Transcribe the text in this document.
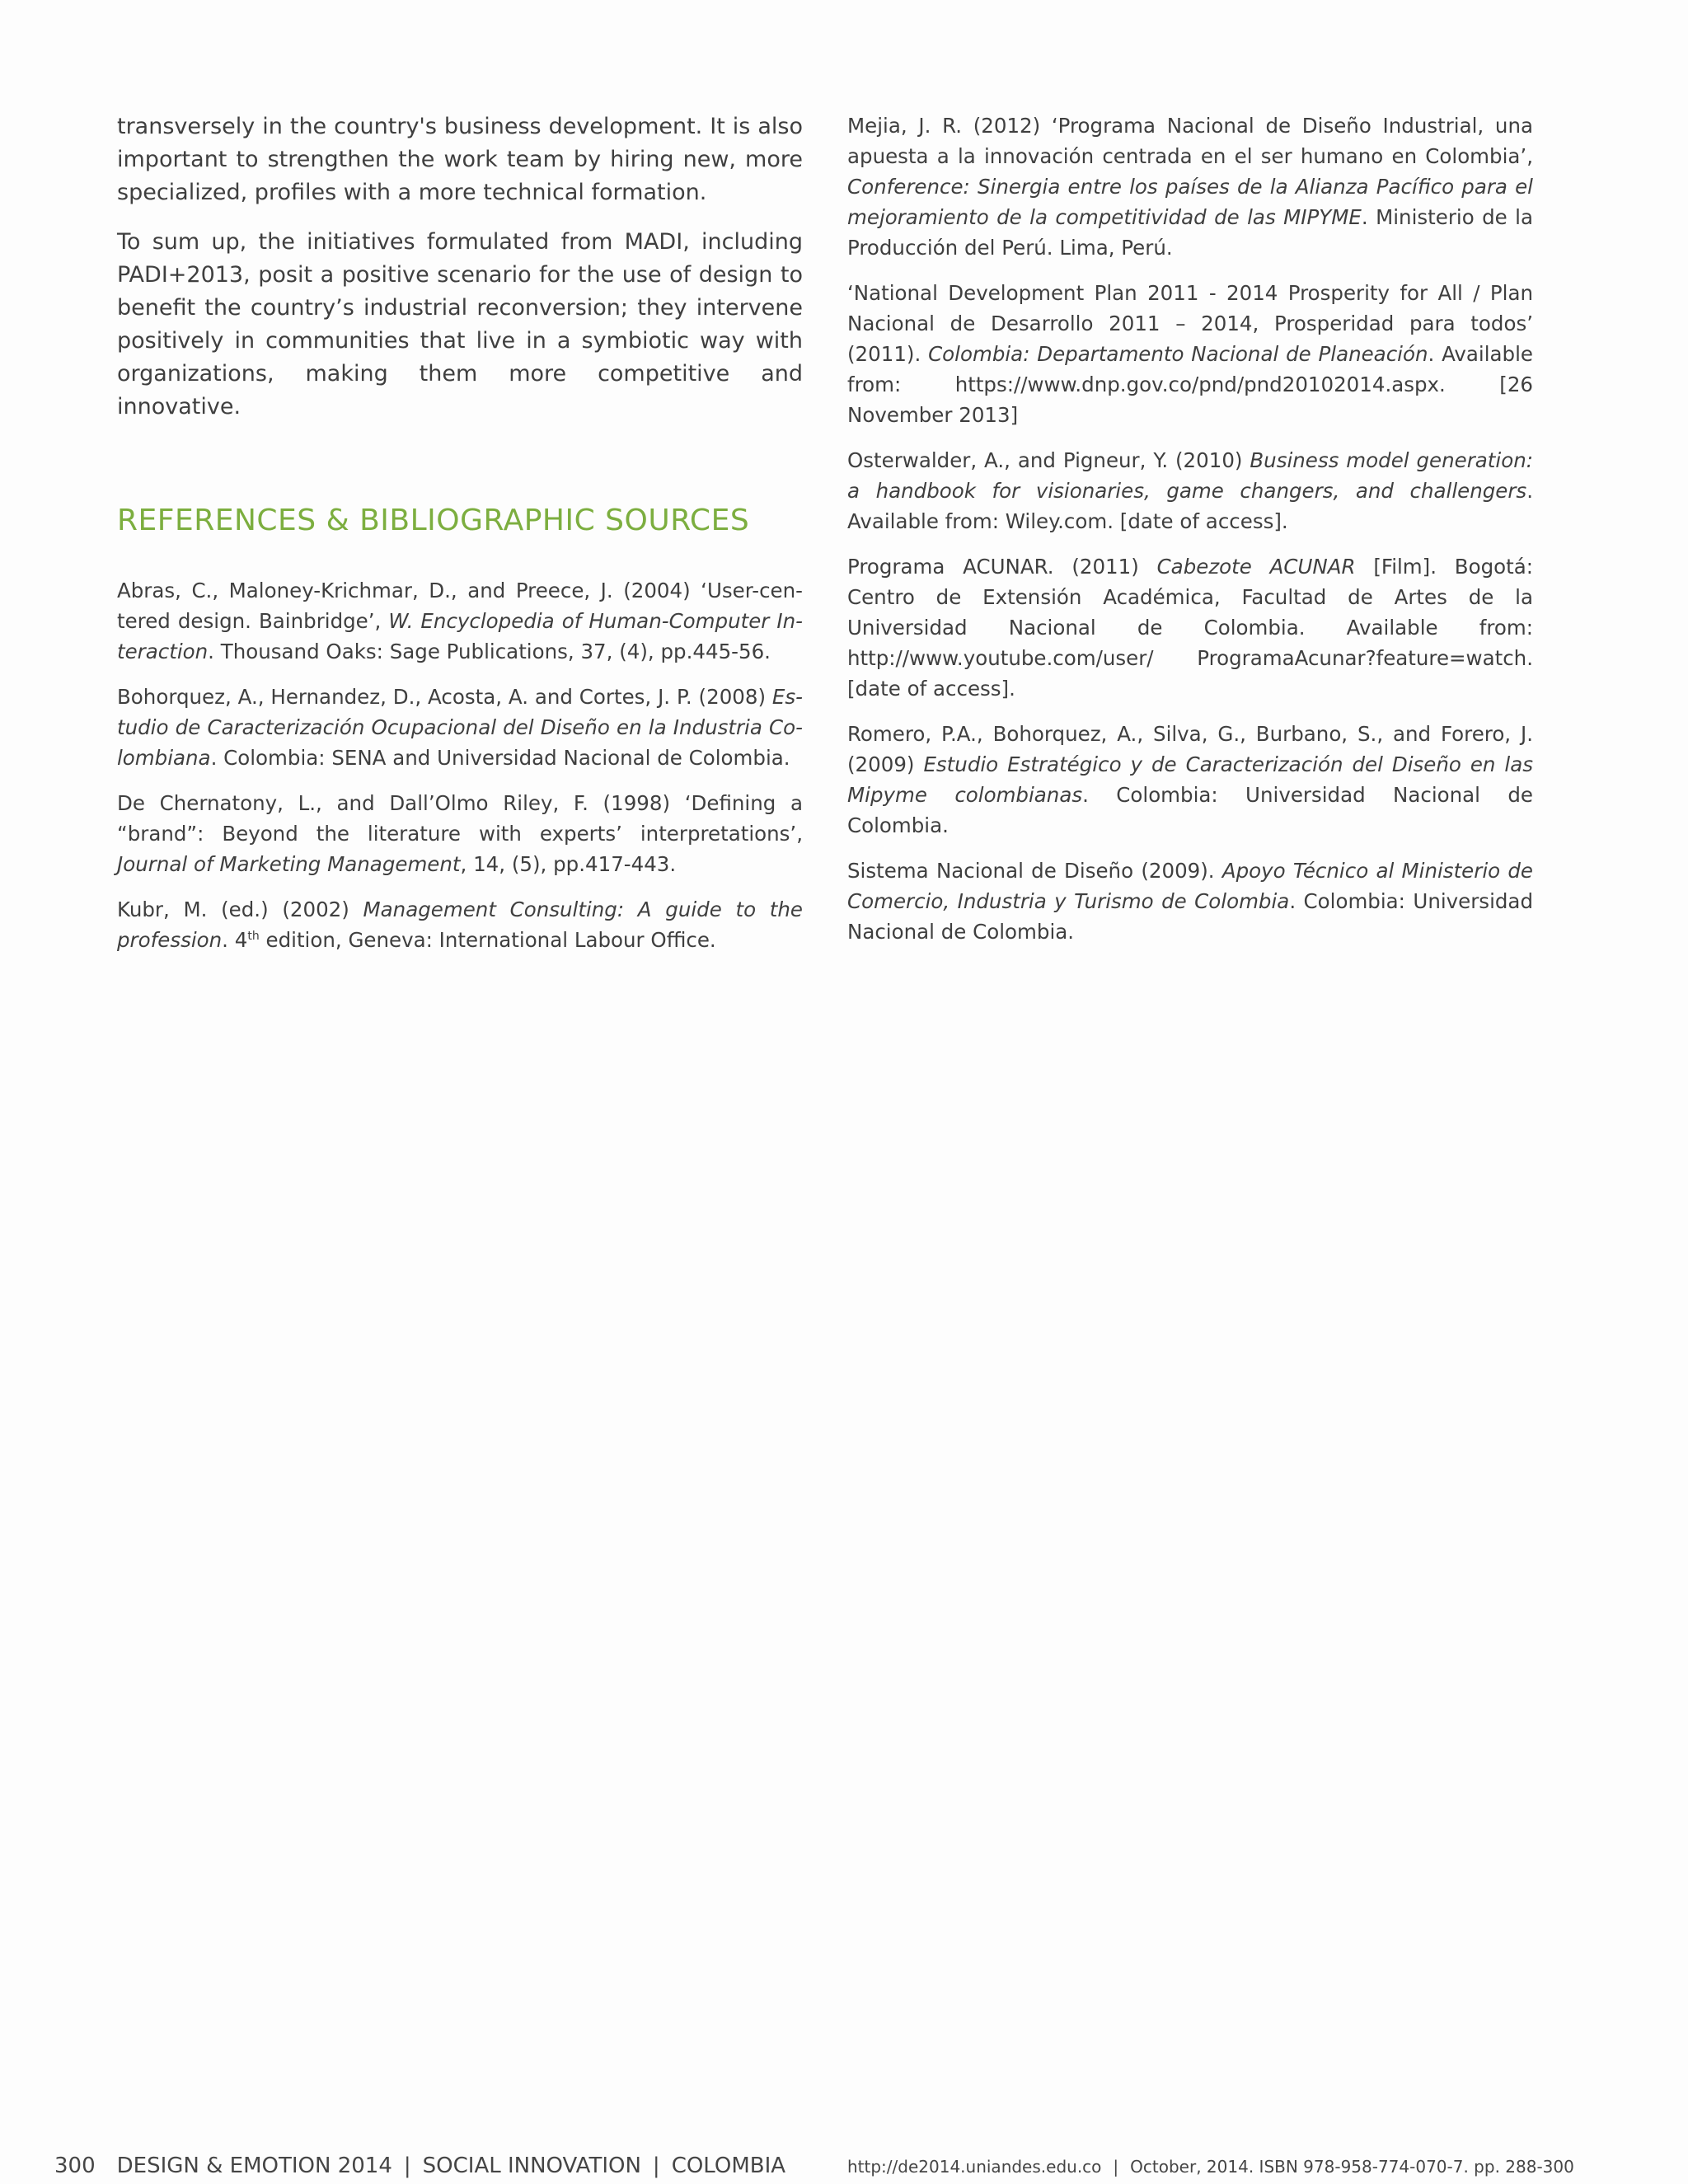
transversely in the country's business development. It is also important to strengthen the work team by hiring new, more specialized, profiles with a more technical formation.

To sum up, the initiatives formulated from MADI, including PADI+2013, posit a positive scenario for the use of design to benefit the country’s industrial reconversion; they intervene positively in communities that live in a symbiotic way with organizations, making them more competitive and innovative.

REFERENCES & BIBLIOGRAPHIC SOURCES

Abras, C., Maloney-Krichmar, D., and Preece, J. (2004) ‘User-centered design. Bainbridge’, W. Encyclopedia of Human-Computer Interaction. Thousand Oaks: Sage Publications, 37, (4), pp.445-56.

Bohorquez, A., Hernandez, D., Acosta, A. and Cortes, J. P. (2008) Estudio de Caracterización Ocupacional del Diseño en la Industria Colombiana. Colombia: SENA and Universidad Nacional de Colombia.

De Chernatony, L., and Dall’Olmo Riley, F. (1998) ‘Defining a “brand”: Beyond the literature with experts’ interpretations’, Journal of Marketing Management, 14, (5), pp.417-443.

Kubr, M. (ed.) (2002) Management Consulting: A guide to the profession. 4th edition, Geneva: International Labour Office.

Mejia, J. R. (2012) ‘Programa Nacional de Diseño Industrial, una apuesta a la innovación centrada en el ser humano en Colombia’, Conference: Sinergia entre los países de la Alianza Pacífico para el mejoramiento de la competitividad de las MIPYME. Ministerio de la Producción del Perú. Lima, Perú.

‘National Development Plan 2011 - 2014 Prosperity for All / Plan Nacional de Desarrollo 2011 – 2014, Prosperidad para todos’ (2011). Colombia: Departamento Nacional de Planeación. Available from: https://www.dnp.gov.co/pnd/pnd20102014.aspx. [26 November 2013]

Osterwalder, A., and Pigneur, Y. (2010) Business model generation: a handbook for visionaries, game changers, and challengers. Available from: Wiley.com. [date of access].

Programa ACUNAR. (2011) Cabezote ACUNAR [Film]. Bogotá: Centro de Extensión Académica, Facultad de Artes de la Universidad Nacional de Colombia. Available from: http://www.youtube.com/user/ ProgramaAcunar?feature=watch. [date of access].

Romero, P.A., Bohorquez, A., Silva, G., Burbano, S., and Forero, J. (2009) Estudio Estratégico y de Caracterización del Diseño en las Mipyme colombianas. Colombia: Universidad Nacional de Colombia.

Sistema Nacional de Diseño (2009). Apoyo Técnico al Ministerio de Comercio, Industria y Turismo de Colombia. Colombia: Universidad Nacional de Colombia.

300 DESIGN & EMOTION 2014 | SOCIAL INNOVATION | COLOMBIA	http://de2014.uniandes.edu.co | October, 2014. ISBN 978-958-774-070-7. pp. 288-300
